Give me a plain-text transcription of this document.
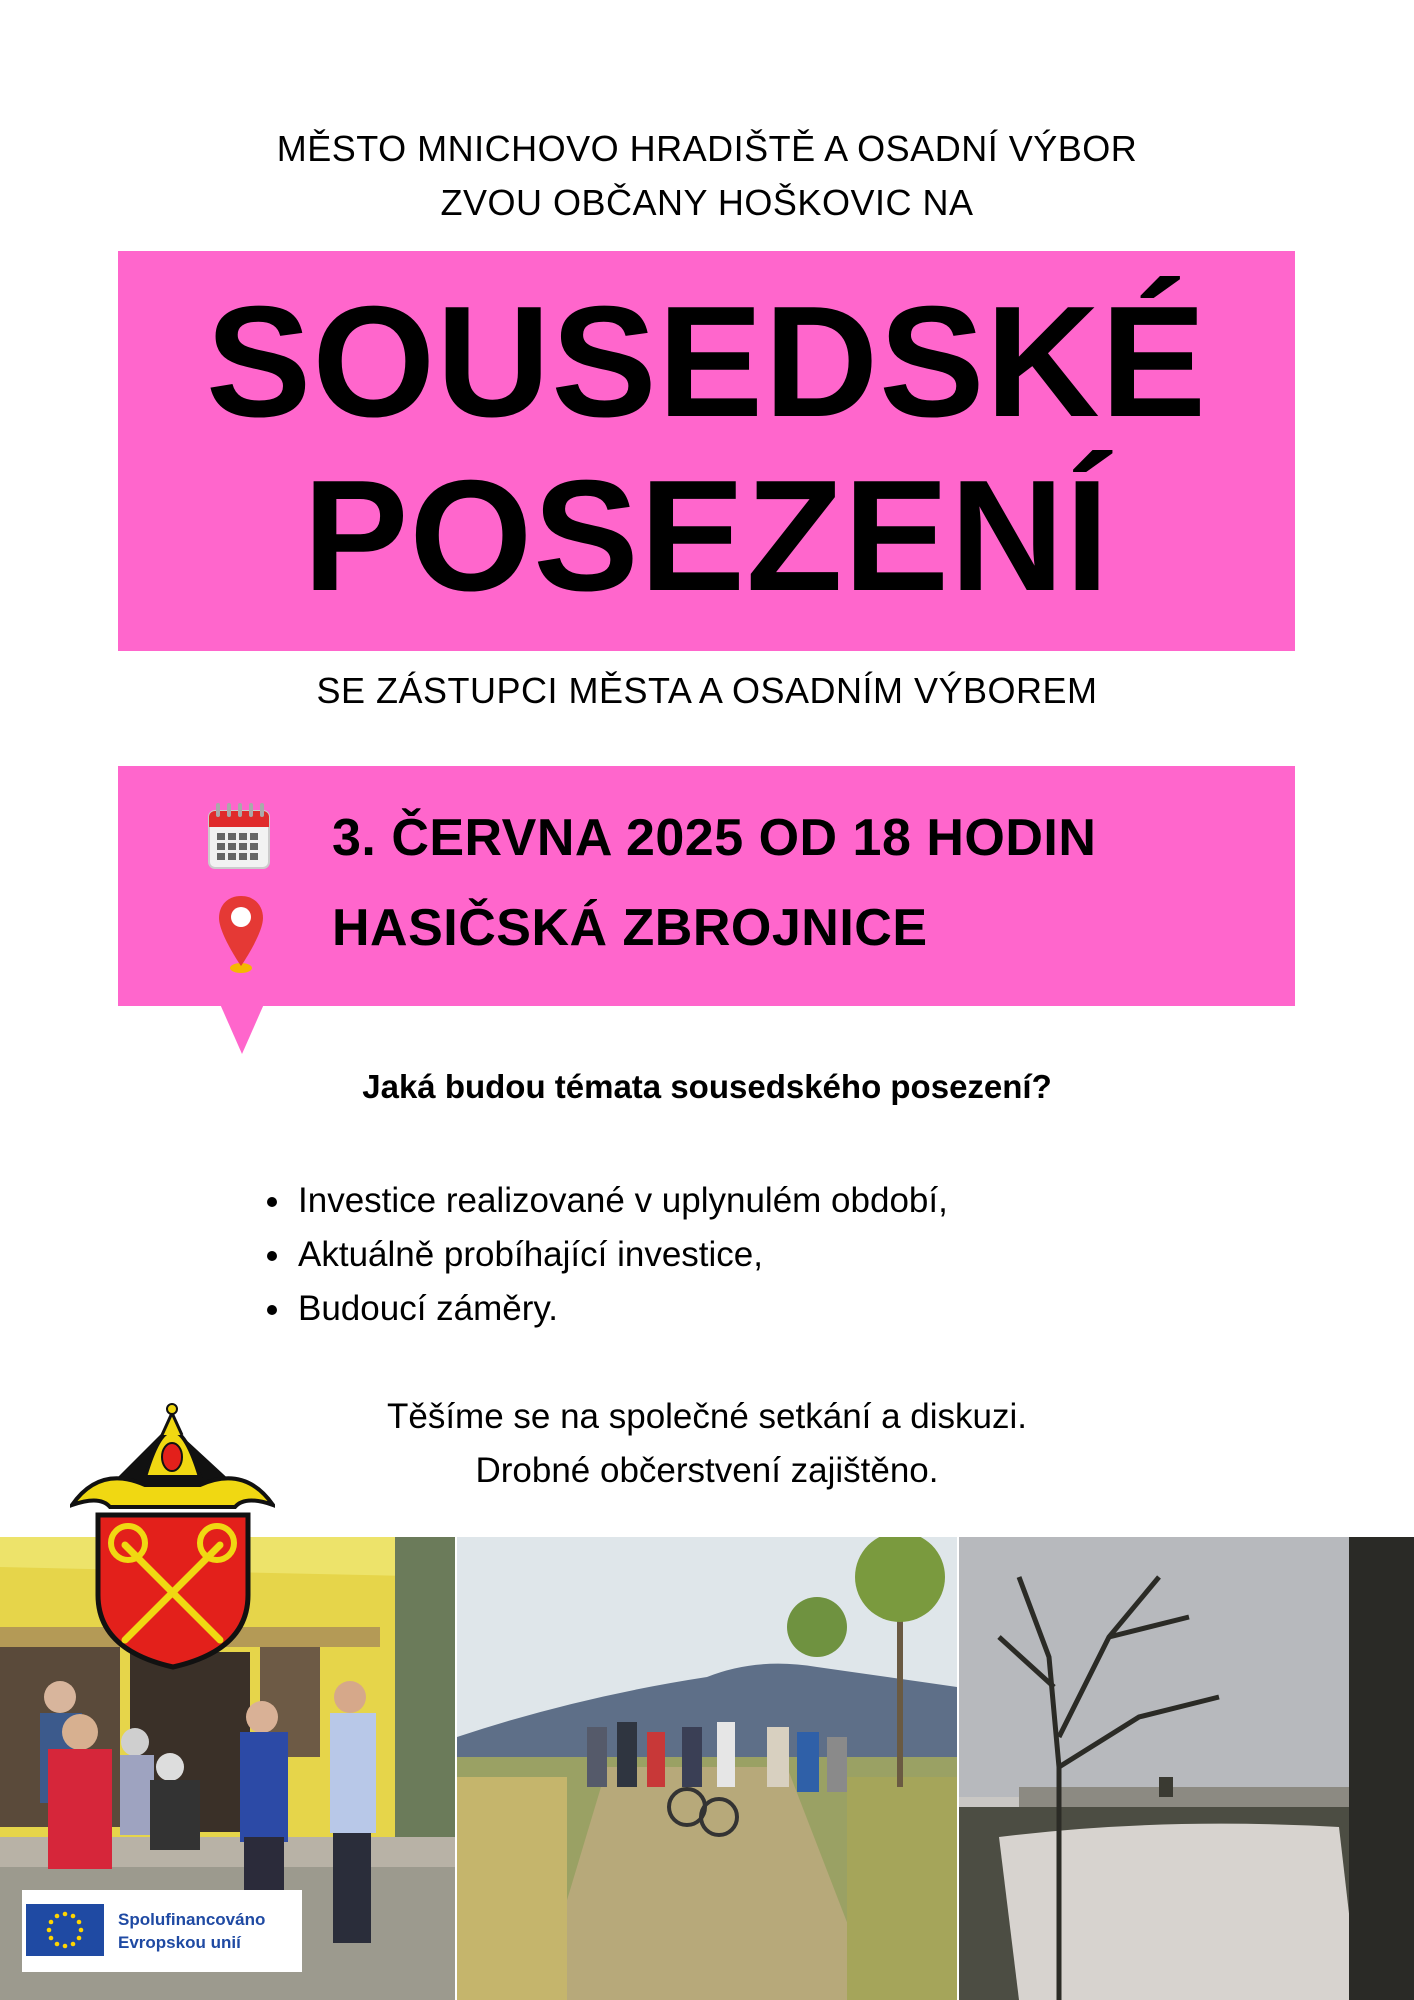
MĚSTO MNICHOVO HRADIŠTĚ A OSADNÍ VÝBOR
ZVOU OBČANY HOŠKOVIC NA
SOUSEDSKÉ
POSEZENÍ
SE ZÁSTUPCI MĚSTA A OSADNÍM VÝBOREM
3. ČERVNA 2025 OD 18 HODIN
HASIČSKÁ ZBROJNICE
Jaká budou témata sousedského posezení?
Investice realizované v uplynulém období,
Aktuálně probíhající investice,
Budoucí záměry.
Těšíme se na společné setkání a diskuzi.
Drobné občerstvení zajištěno.
Spolufinancováno
Evropskou unií
